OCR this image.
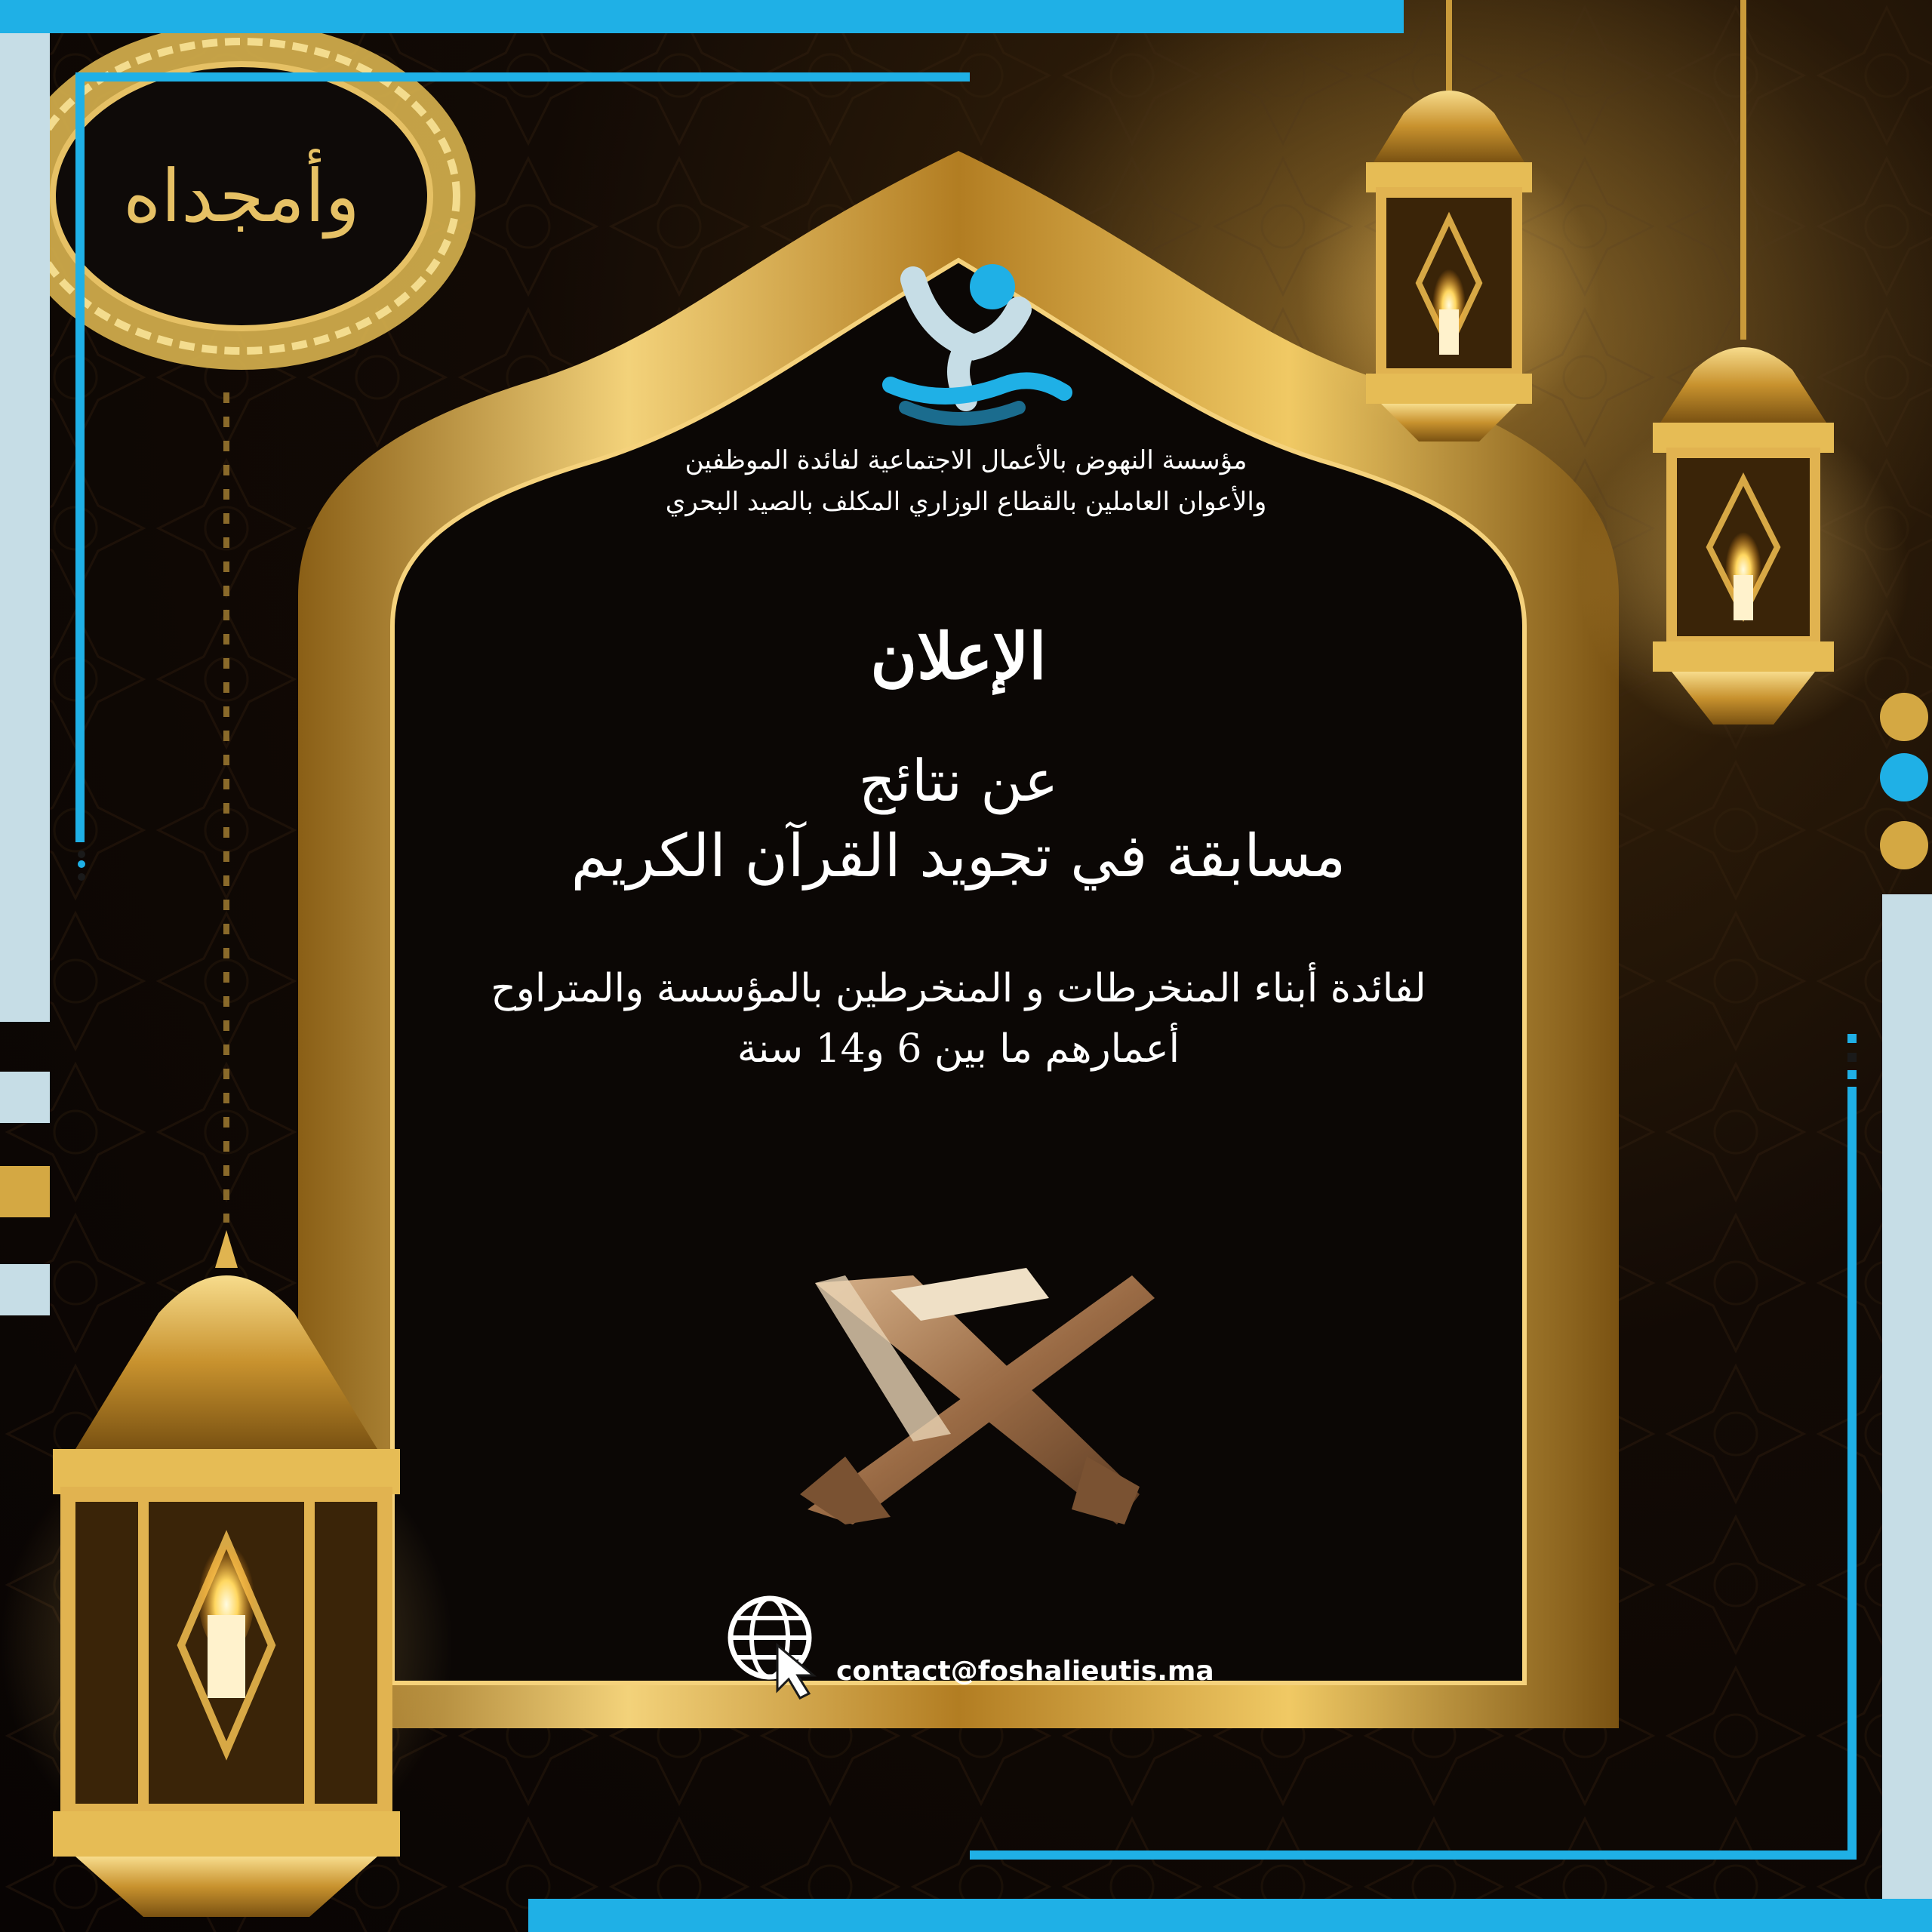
وأمجداه
مؤسسة النهوض بالأعمال الاجتماعية لفائدة الموظفين
والأعوان العاملين بالقطاع الوزاري المكلف بالصيد البحري
الإعلان
عن نتائج
مسابقة في تجويد القرآن الكريم
لفائدة أبناء المنخرطات و المنخرطين بالمؤسسة والمتراوح
أعمارهم ما بين 6 و14 سنة
contact@foshalieutis.ma
